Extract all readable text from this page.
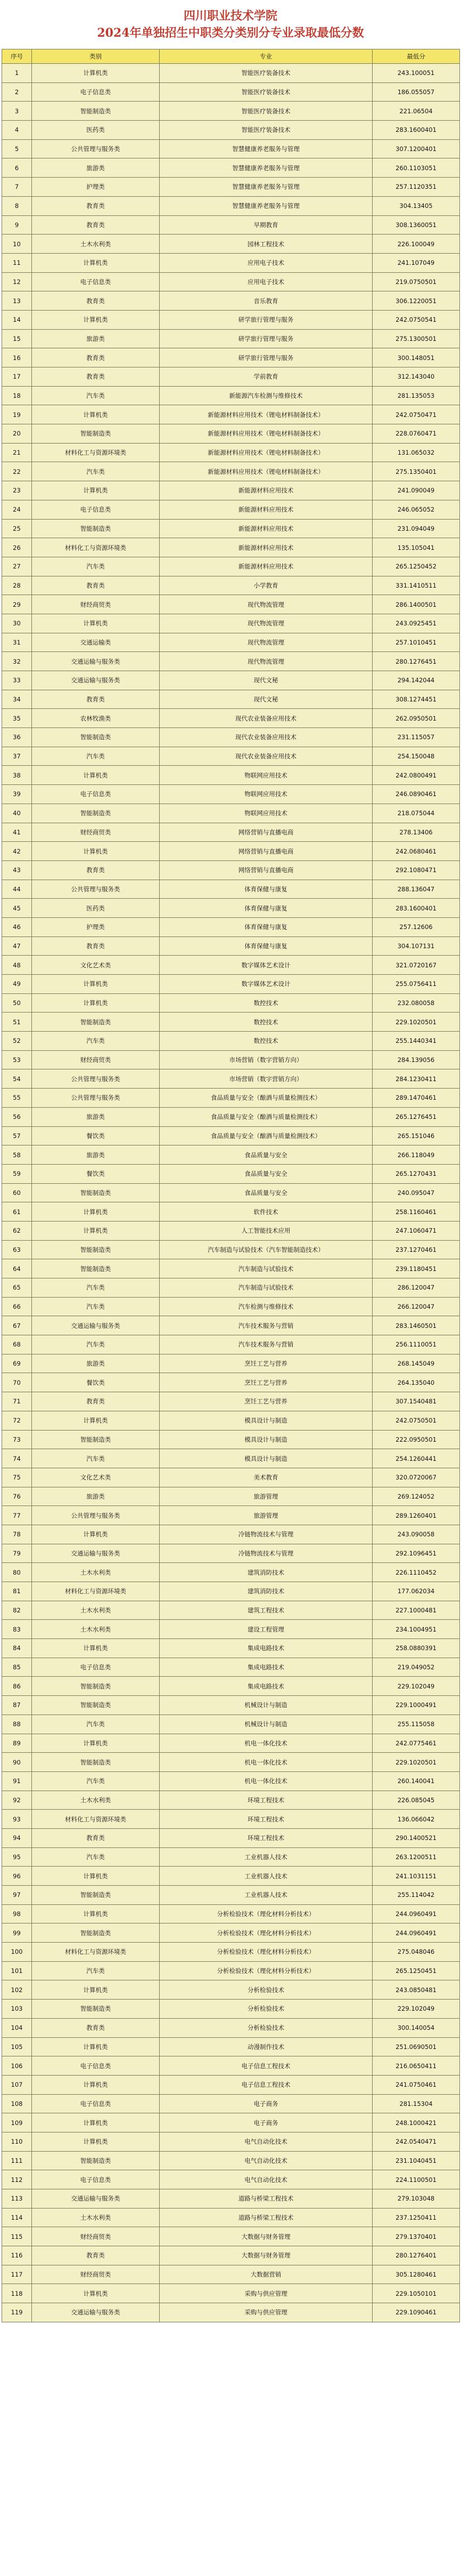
四川职业技术学院
2024年单独招生中职类分类别分专业录取最低分数
序号	类别	专业	最低分
1	计算机类	智能医疗装备技术	243.100051
2	电子信息类	智能医疗装备技术	186.055057
3	智能制造类	智能医疗装备技术	221.06504
4	医药类	智能医疗装备技术	283.1600401
5	公共管理与服务类	智慧健康养老服务与管理	307.1200401
6	旅游类	智慧健康养老服务与管理	260.1103051
7	护理类	智慧健康养老服务与管理	257.1120351
8	教育类	智慧健康养老服务与管理	304.13405
9	教育类	早期教育	308.1360051
10	土木水利类	园林工程技术	226.100049
11	计算机类	应用电子技术	241.107049
12	电子信息类	应用电子技术	219.0750501
13	教育类	音乐教育	306.1220051
14	计算机类	研学旅行管理与服务	242.0750541
15	旅游类	研学旅行管理与服务	275.1300501
16	教育类	研学旅行管理与服务	300.148051
17	教育类	学前教育	312.143040
18	汽车类	新能源汽车检测与维修技术	281.135053
19	计算机类	新能源材料应用技术（锂电材料制备技术）	242.0750471
20	智能制造类	新能源材料应用技术（锂电材料制备技术）	228.0760471
21	材料化工与资源环境类	新能源材料应用技术（锂电材料制备技术）	131.065032
22	汽车类	新能源材料应用技术（锂电材料制备技术）	275.1350401
23	计算机类	新能源材料应用技术	241.090049
24	电子信息类	新能源材料应用技术	246.065052
25	智能制造类	新能源材料应用技术	231.094049
26	材料化工与资源环境类	新能源材料应用技术	135.105041
27	汽车类	新能源材料应用技术	265.1250452
28	教育类	小学教育	331.1410511
29	财经商贸类	现代物流管理	286.1400501
30	计算机类	现代物流管理	243.0925451
31	交通运输类	现代物流管理	257.1010451
32	交通运输与服务类	现代物流管理	280.1276451
33	交通运输与服务类	现代文秘	294.142044
34	教育类	现代文秘	308.1274451
35	农林牧渔类	现代农业装备应用技术	262.0950501
36	智能制造类	现代农业装备应用技术	231.115057
37	汽车类	现代农业装备应用技术	254.150048
38	计算机类	物联网应用技术	242.0800491
39	电子信息类	物联网应用技术	246.0890461
40	智能制造类	物联网应用技术	218.075044
41	财经商贸类	网络营销与直播电商	278.13406
42	计算机类	网络营销与直播电商	242.0680461
43	教育类	网络营销与直播电商	292.1080471
44	公共管理与服务类	体育保健与康复	288.136047
45	医药类	体育保健与康复	283.1600401
46	护理类	体育保健与康复	257.12606
47	教育类	体育保健与康复	304.107131
48	文化艺术类	数字媒体艺术设计	321.0720167
49	计算机类	数字媒体艺术设计	255.0756411
50	计算机类	数控技术	232.080058
51	智能制造类	数控技术	229.1020501
52	汽车类	数控技术	255.1440341
53	财经商贸类	市场营销（数字营销方向）	284.139056
54	公共管理与服务类	市场营销（数字营销方向）	284.1230411
55	公共管理与服务类	食品质量与安全（酿酒与质量检测技术）	289.1470461
56	旅游类	食品质量与安全（酿酒与质量检测技术）	265.1276451
57	餐饮类	食品质量与安全（酿酒与质量检测技术）	265.151046
58	旅游类	食品质量与安全	266.118049
59	餐饮类	食品质量与安全	265.1270431
60	智能制造类	食品质量与安全	240.095047
61	计算机类	软件技术	258.1160461
62	计算机类	人工智能技术应用	247.1060471
63	智能制造类	汽车制造与试验技术（汽车智能制造技术）	237.1270461
64	智能制造类	汽车制造与试验技术	239.1180451
65	汽车类	汽车制造与试验技术	286.120047
66	汽车类	汽车检测与维修技术	266.120047
67	交通运输与服务类	汽车技术服务与营销	283.1460501
68	汽车类	汽车技术服务与营销	256.1110051
69	旅游类	烹饪工艺与营养	268.145049
70	餐饮类	烹饪工艺与营养	264.135040
71	教育类	烹饪工艺与营养	307.1540481
72	计算机类	模具设计与制造	242.0750501
73	智能制造类	模具设计与制造	222.0950501
74	汽车类	模具设计与制造	254.1260441
75	文化艺术类	美术教育	320.0720067
76	旅游类	旅游管理	269.124052
77	公共管理与服务类	旅游管理	289.1260401
78	计算机类	冷链物流技术与管理	243.090058
79	交通运输与服务类	冷链物流技术与管理	292.1096451
80	土木水利类	建筑消防技术	226.1110452
81	材料化工与资源环境类	建筑消防技术	177.062034
82	土木水利类	建筑工程技术	227.1000481
83	土木水利类	建设工程管理	234.1004951
84	计算机类	集成电路技术	258.0880391
85	电子信息类	集成电路技术	219.049052
86	智能制造类	集成电路技术	229.102049
87	智能制造类	机械设计与制造	229.1000491
88	汽车类	机械设计与制造	255.115058
89	计算机类	机电一体化技术	242.0775461
90	智能制造类	机电一体化技术	229.1020501
91	汽车类	机电一体化技术	260.140041
92	土木水利类	环境工程技术	226.085045
93	材料化工与资源环境类	环境工程技术	136.066042
94	教育类	环境工程技术	290.1400521
95	汽车类	工业机器人技术	263.1200511
96	计算机类	工业机器人技术	241.1031151
97	智能制造类	工业机器人技术	255.114042
98	计算机类	分析检验技术（理化材料分析技术）	244.0960491
99	智能制造类	分析检验技术（理化材料分析技术）	244.0960491
100	材料化工与资源环境类	分析检验技术（理化材料分析技术）	275.048046
101	汽车类	分析检验技术（理化材料分析技术）	265.1250451
102	计算机类	分析检验技术	243.0850481
103	智能制造类	分析检验技术	229.102049
104	教育类	分析检验技术	300.140054
105	计算机类	动漫制作技术	251.0690501
106	电子信息类	电子信息工程技术	216.0650411
107	计算机类	电子信息工程技术	241.0750461
108	电子信息类	电子商务	281.15304
109	计算机类	电子商务	248.1000421
110	计算机类	电气自动化技术	242.0540471
111	智能制造类	电气自动化技术	231.1040451
112	电子信息类	电气自动化技术	224.1100501
113	交通运输与服务类	道路与桥梁工程技术	279.103048
114	土木水利类	道路与桥梁工程技术	237.1250411
115	财经商贸类	大数据与财务管理	279.1370401
116	教育类	大数据与财务管理	280.1276401
117	财经商贸类	大数据营销	305.1280461
118	计算机类	采购与供应管理	229.1050101
119	交通运输与服务类	采购与供应管理	229.1090461
